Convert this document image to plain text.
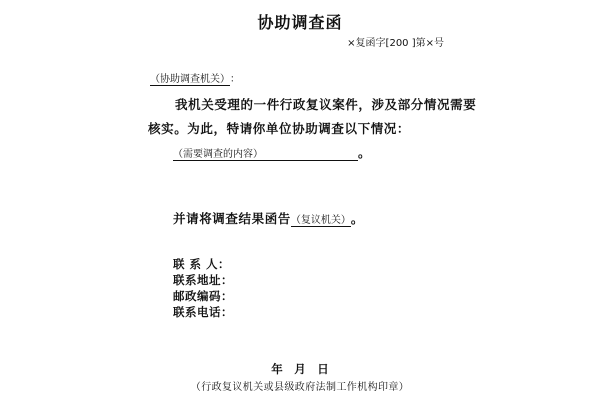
协助调查函
×复函字[200 ]第×号
（协助调查机关）：
我机关受理的一件行政复议案件，涉及部分情况需要
核实。为此，特请你单位协助调查以下情况：
（需要调查的内容）	。
并请将调查结果函告（复议机关）。
联 系 人：
联系地址：
邮政编码：
联系电话：
年　月　日
（行政复议机关或县级政府法制工作机构印章）
